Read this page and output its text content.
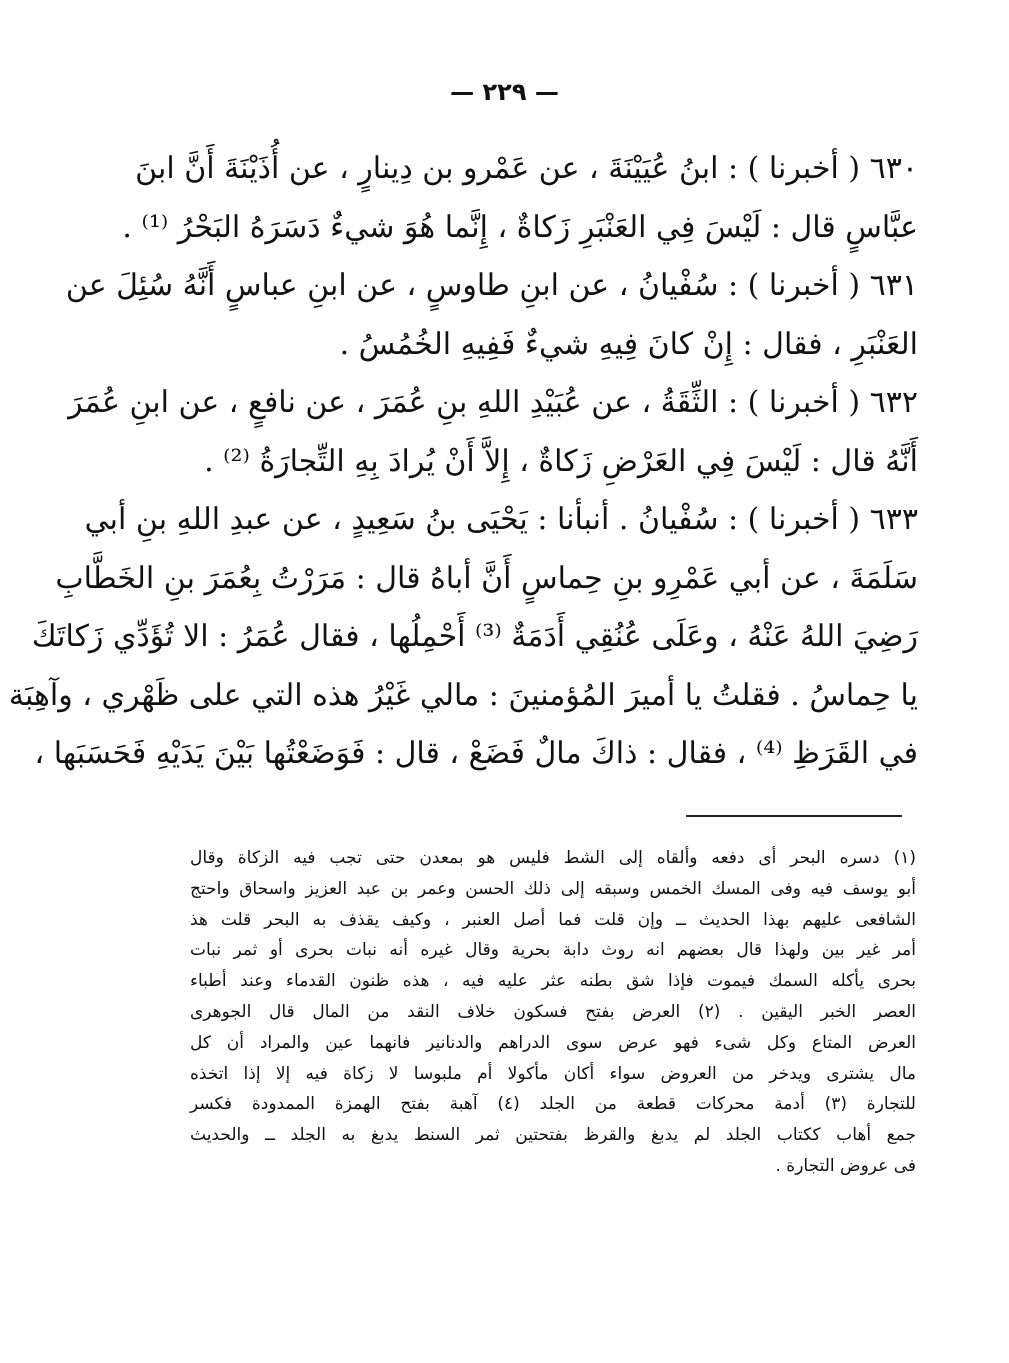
— ٢٢٩ —
٦٣٠ ( أخبرنا ) : ابنُ عُيَيْنَةَ ، عن عَمْرو بن دِينارٍ ، عن أُذَيْنَةَ أَنَّ ابنَ
عبَّاسٍ قال : لَيْسَ فِي العَنْبَرِ زَكاةٌ ، إِنَّما هُوَ شيءٌ دَسَرَهُ البَحْرُ ⁽¹⁾ .
٦٣١ ( أخبرنا ) : سُفْيانُ ، عن ابنِ طاوسٍ ، عن ابنِ عباسٍ أَنَّهُ سُئِلَ عن
العَنْبَرِ ، فقال : إِنْ كانَ فِيهِ شيءٌ فَفِيهِ الخُمُسُ .
٦٣٢ ( أخبرنا ) : الثِّقَةُ ، عن عُبَيْدِ اللهِ بنِ عُمَرَ ، عن نافعٍ ، عن ابنِ عُمَرَ
أَنَّهُ قال : لَيْسَ فِي العَرْضِ زَكاةٌ ، إِلاَّ أَنْ يُرادَ بِهِ التِّجارَةُ ⁽²⁾ .
٦٣٣ ( أخبرنا ) : سُفْيانُ . أنبأنا : يَحْيَى بنُ سَعِيدٍ ، عن عبدِ اللهِ بنِ أبي
سَلَمَةَ ، عن أبي عَمْرِو بنِ حِماسٍ أَنَّ أباهُ قال : مَرَرْتُ بِعُمَرَ بنِ الخَطَّابِ
رَضِيَ اللهُ عَنْهُ ، وعَلَى عُنُقِي أَدَمَةٌ ⁽³⁾ أَحْمِلُها ، فقال عُمَرُ : الا تُؤَدِّي زَكاتَكَ
يا حِماسُ . فقلتُ يا أميرَ المُؤمنينَ : مالي غَيْرُ هذه التي على ظَهْري ، وآهِبَة
في القَرَظِ ⁽⁴⁾ ، فقال : ذاكَ مالٌ فَضَعْ ، قال : فَوَضَعْتُها بَيْنَ يَدَيْهِ فَحَسَبَها ،
(١) دسره البحر أى دفعه وألقاه إلى الشط فليس هو بمعدن حتى تجب فيه الزكاة وقال
أبو يوسف فيه وفى المسك الخمس وسبقه إلى ذلك الحسن وعمر بن عبد العزيز واسحاق واحتج
الشافعى عليهم بهذا الحديث ــ وإن قلت فما أصل العنبر ، وكيف يقذف به البحر قلت هذ
أمر غير بين ولهذا قال بعضهم انه روث دابة بحرية وقال غيره أنه نبات بحرى أو ثمر نبات
بحرى يأكله السمك فيموت فإذا شق بطنه عثر عليه فيه ، هذه ظنون القدماء وعند أطباء
العصر الخبر اليقين . (٢) العرض بفتح فسكون خلاف النقد من المال قال الجوهرى
العرض المتاع وكل شىء فهو عرض سوى الدراهم والدنانير فانهما عين والمراد أن كل
مال يشترى ويدخر من العروض سواء أكان مأكولا أم ملبوسا لا زكاة فيه إلا إذا اتخذه
للتجارة (٣) أدمة محركات قطعة من الجلد (٤) آهبة بفتح الهمزة الممدودة فكسر
جمع أهاب ككتاب الجلد لم يدبغ والقرظ بفتحتين ثمر السنط يدبغ به الجلد ــ والحديث
فى عروض التجارة .
